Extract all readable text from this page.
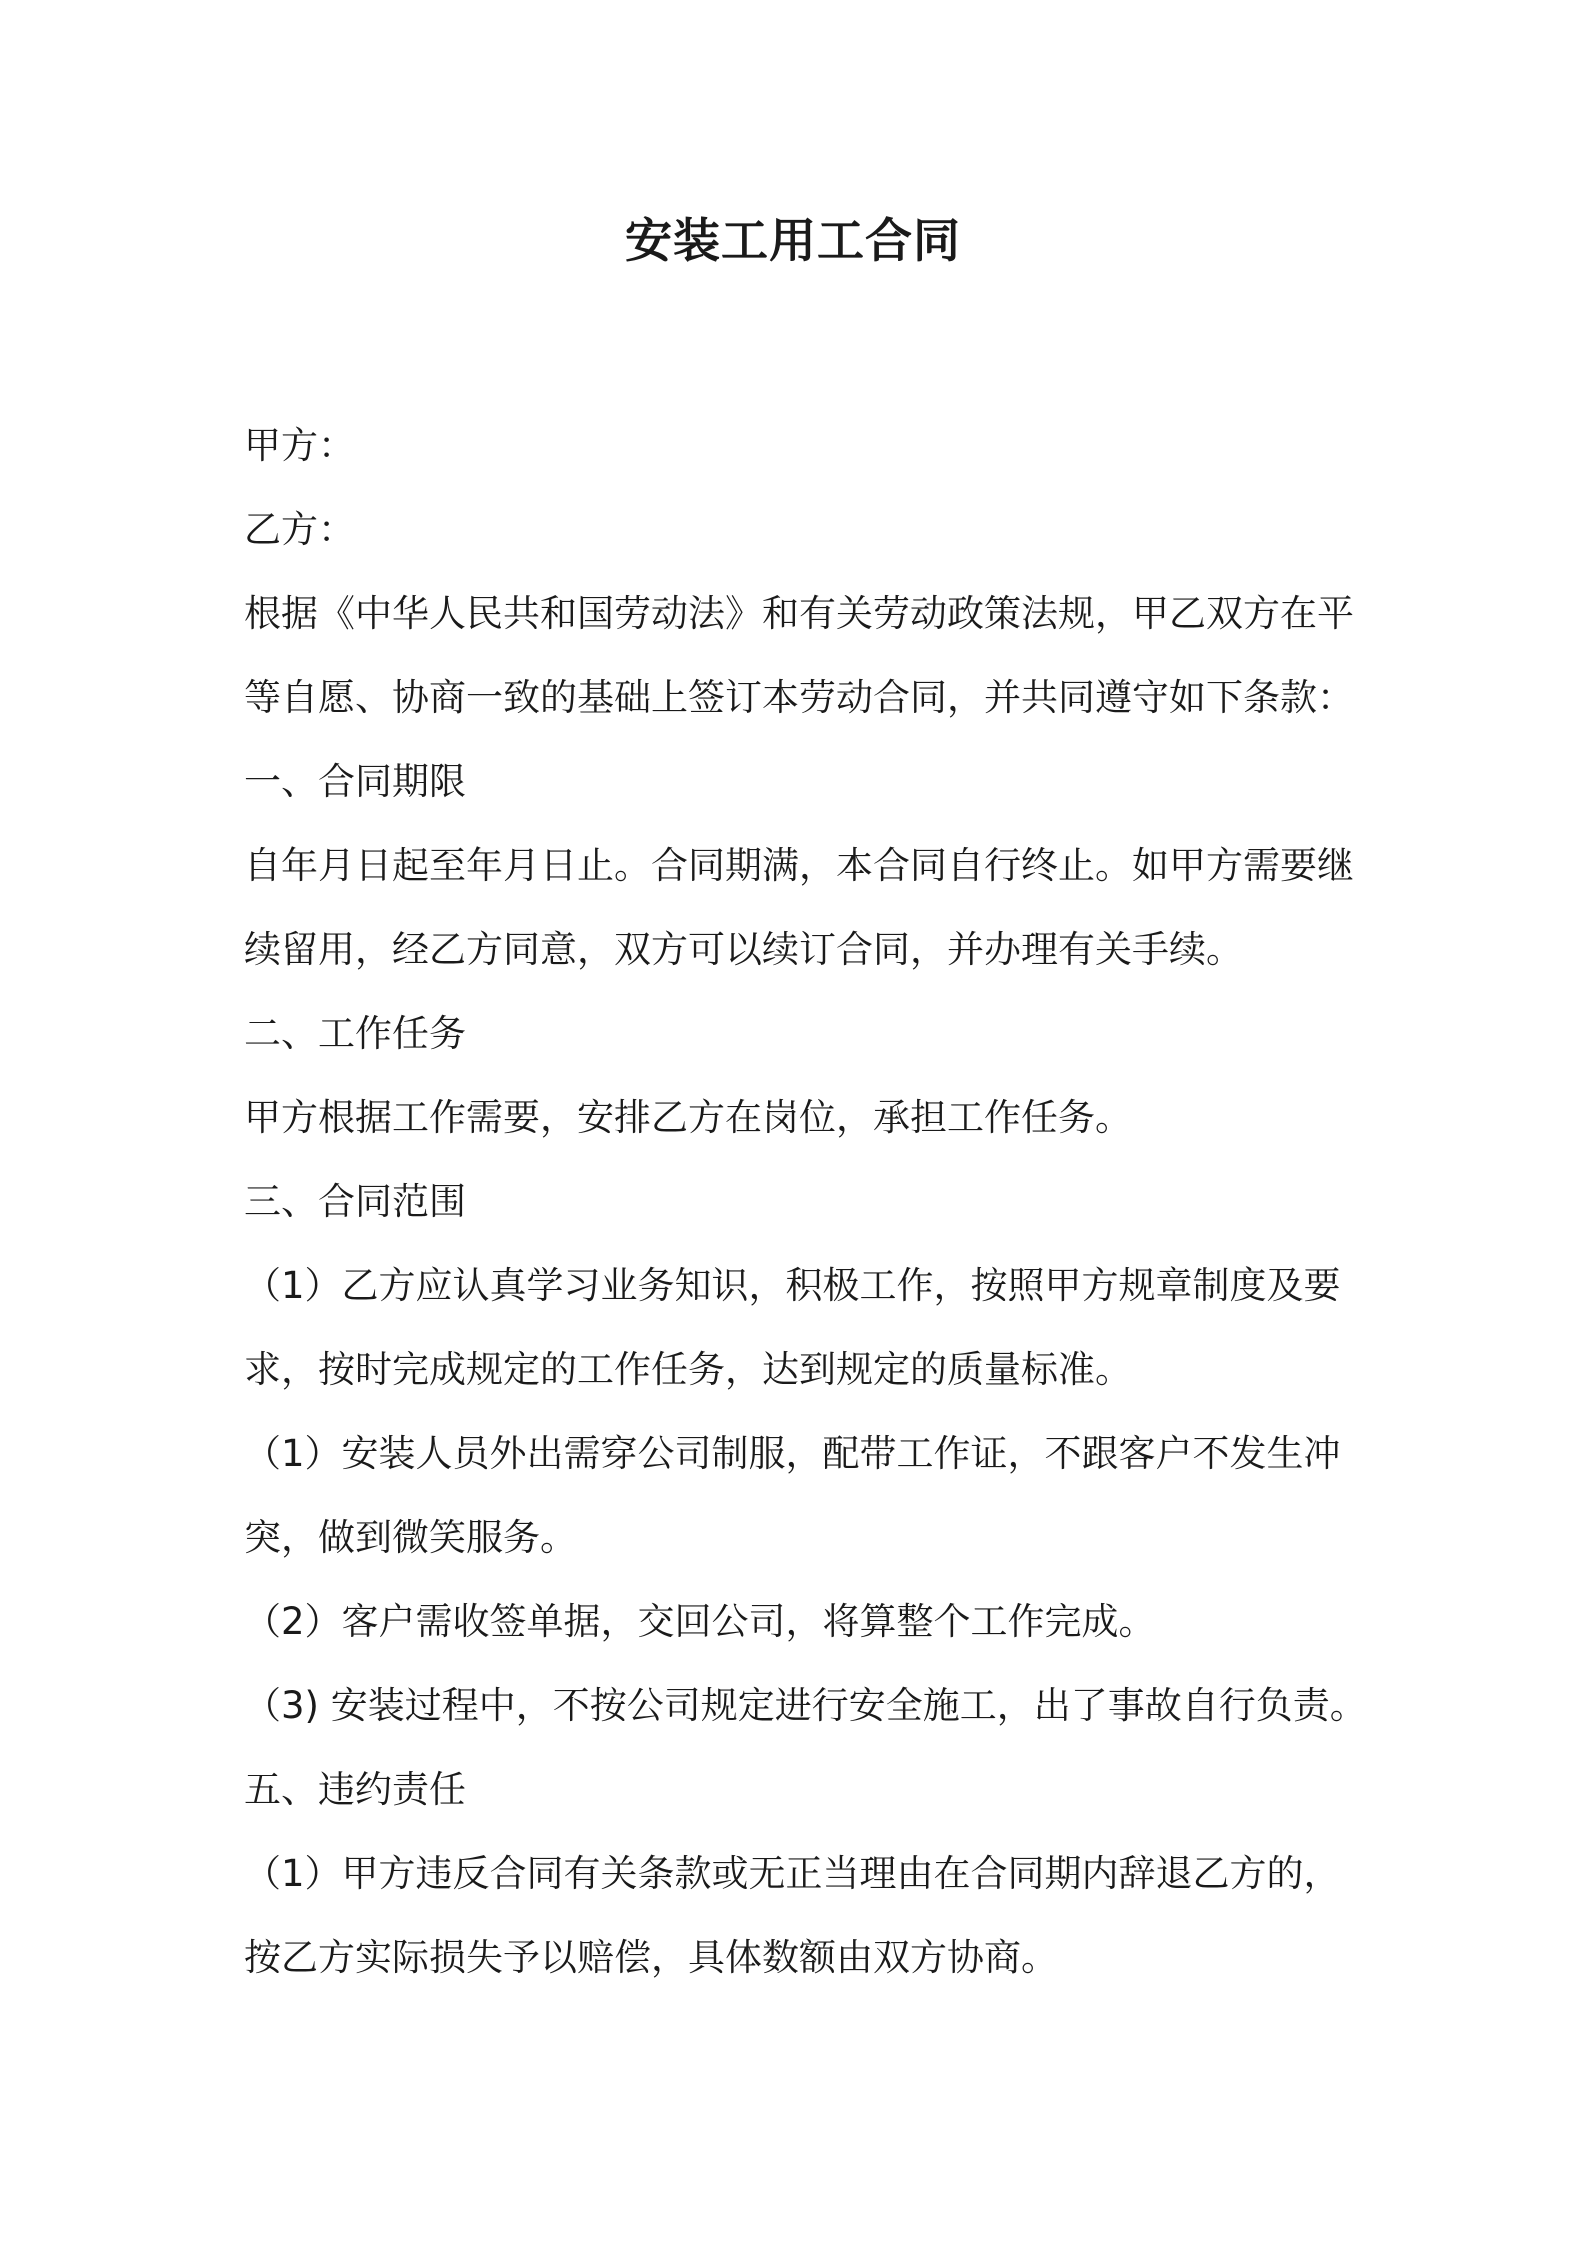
安装工用工合同
甲方：
乙方：
根据《中华人民共和国劳动法》和有关劳动政策法规，甲乙双方在平
等自愿、协商一致的基础上签订本劳动合同，并共同遵守如下条款：
一、合同期限
自年月日起至年月日止。合同期满，本合同自行终止。如甲方需要继
续留用，经乙方同意，双方可以续订合同，并办理有关手续。
二、工作任务
甲方根据工作需要，安排乙方在岗位，承担工作任务。
三、合同范围
（1）乙方应认真学习业务知识，积极工作，按照甲方规章制度及要
求，按时完成规定的工作任务，达到规定的质量标准。
（1）安装人员外出需穿公司制服，配带工作证，不跟客户不发生冲
突，做到微笑服务。
（2）客户需收签单据，交回公司，将算整个工作完成。
（3) 安装过程中，不按公司规定进行安全施工，出了事故自行负责。
五、违约责任
（1）甲方违反合同有关条款或无正当理由在合同期内辞退乙方的，
按乙方实际损失予以赔偿，具体数额由双方协商。
